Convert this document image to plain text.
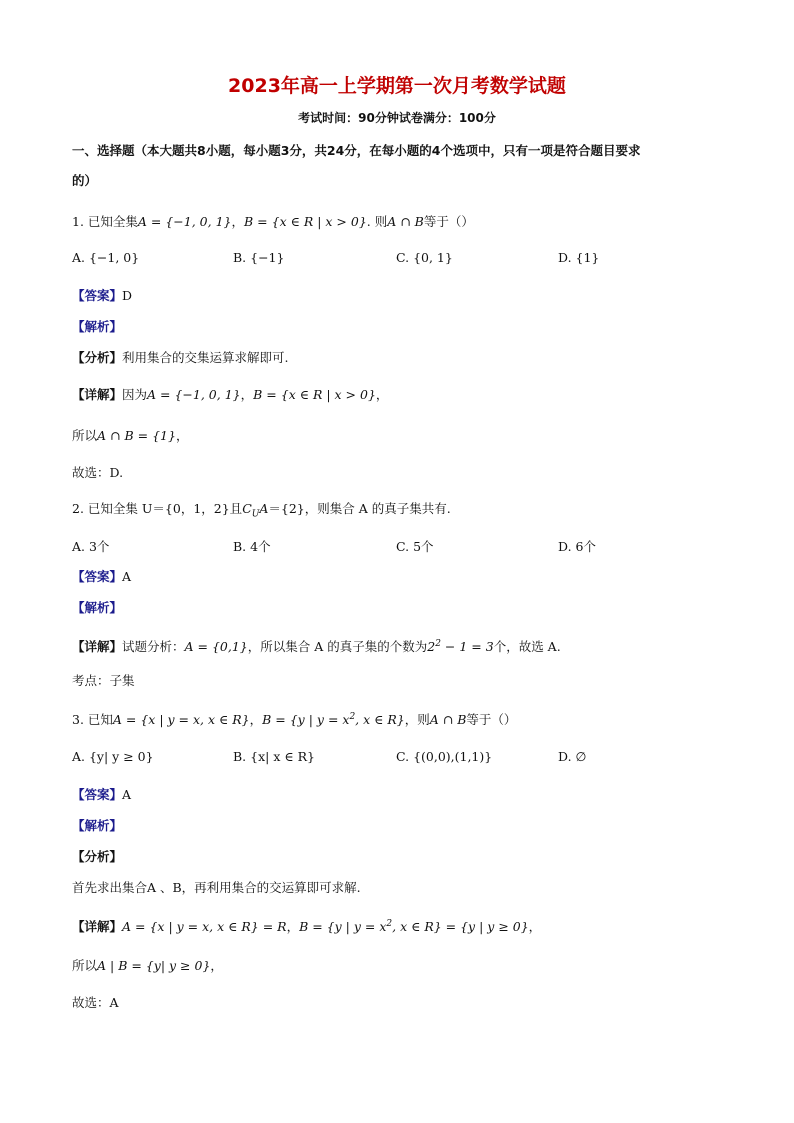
2023年高一上学期第一次月考数学试题
考试时间：90分钟试卷满分：100分
一、选择题（本大题共8小题，每小题3分，共24分，在每小题的4个选项中，只有一项是符合题目要求
的）
1. 已知全集A = {−1, 0, 1}，B = {x ∈ R | x > 0}. 则A ∩ B等于（）
A. {−1, 0}	B. {−1}	C. {0, 1}	D. {1}
【答案】D
【解析】
【分析】利用集合的交集运算求解即可.
【详解】因为A = {−1, 0, 1}，B = {x ∈ R | x > 0}，
所以A ∩ B = {1}，
故选：D.
2. 已知全集 U＝{0，1，2}且$C_UA=\{2\}$，则集合 A 的真子集共有.
A. 3个	B. 4个	C. 5个	D. 6个
【答案】A
【解析】
【详解】试题分析：A = {0,1}，所以集合 A 的真子集的个数为$2^2 - 1 = 3$个，故选 A.
考点：子集
3. 已知A = {x | y = x, x ∈ R}，B = {y | $y = x^2$, x ∈ R}，则A ∩ B等于（）
A. {y| y ≥ 0}	B. {x| x ∈ R}	C. {(0,0),(1,1)}	D. ∅
【答案】A
【解析】
【分析】
首先求出集合A 、B，再利用集合的交运算即可求解.
【详解】A = {x | y = x, x ∈ R} = R，B = {y | $y = x^2$, x ∈ R} = {y | y ≥ 0}，
所以A | B = {y| y ≥ 0}，
故选：A
